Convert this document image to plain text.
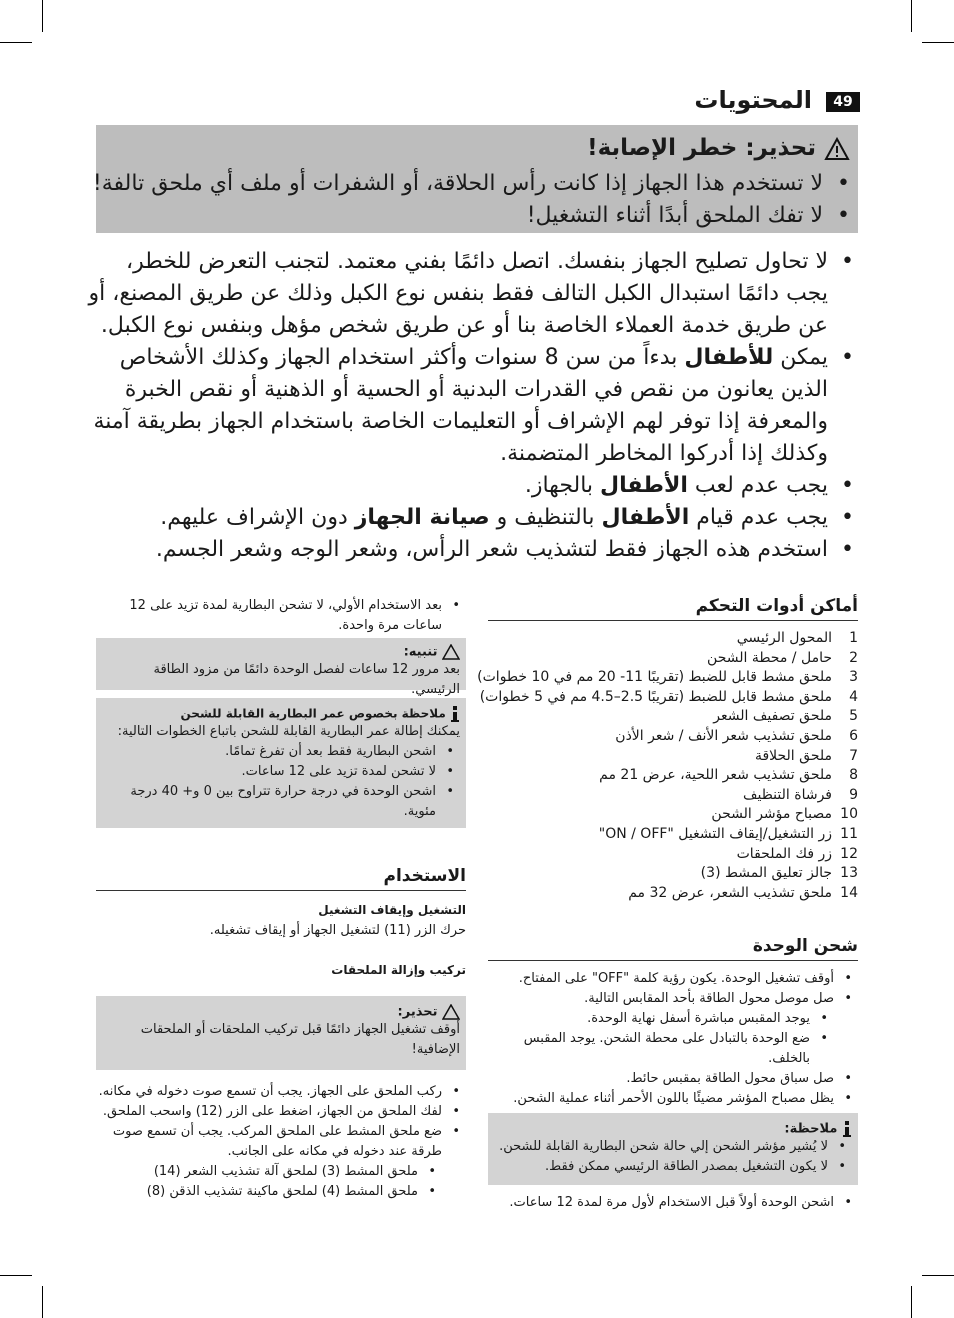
49
المحتويات
تحذير: خطر الإصابة!
•لا تستخدم هذا الجهاز إذا كانت رأس الحلاقة، أو الشفرات أو ملف أي ملحق تالفة!
•لا تفك الملحق أبدًا أثناء التشغيل!
• لا تحاول تصليح الجهاز بنفسك. اتصل دائمًا بفني معتمد. لتجنب التعرض للخطر، يجب دائمًا استبدال الكبل التالف فقط بنفس نوع الكبل وذلك عن طريق المصنع، أو عن طريق خدمة العملاء الخاصة بنا أو عن طريق شخص مؤهل وبنفس نوع الكبل.
• يمكن للأطفال بدءاً من سن 8 سنوات وأكثر استخدام الجهاز وكذلك الأشخاص الذين يعانون من نقص في القدرات البدنية أو الحسية أو الذهنية أو نقص الخبرة والمعرفة إذا توفر لهم الإشراف أو التعليمات الخاصة باستخدام الجهاز بطريقة آمنة وكذلك إذا أدركوا المخاطر المتضمنة.
• يجب عدم لعب الأطفال بالجهاز.
• يجب عدم قيام الأطفال بالتنظيف و صيانة الجهاز دون الإشراف عليهم.
• استخدم هذه الجهاز فقط لتشذيب شعر الرأس، وشعر الوجه وشعر الجسم.
أماكن أدوات التحكم
1
المحول الرئيسي
2
حامل / محطة الشحن
3
ملحق مشط قابل للضبط (تقريبًا 11- 20 مم في 10 خطوات)
4
ملحق مشط قابل للضبط (تقريبًا 2.5–4.5 مم في 5 خطوات)
5
ملحق تصفيف الشعر
6
ملحق تشذيب شعر الأنف / شعر الأذن
7
ملحق الحلاقة
8
ملحق تشذيب شعر اللحية، عرض 21 مم
9
فرشاة التنظيف
10
مصباح مؤشر الشحن
11
زر التشغيل/إيقاف التشغيل "ON / OFF"
12
زر فك الملحقات
13
جالز تعليق المشط (3)
14
ملحق تشذيب الشعر، عرض 32 مم
شحن الوحدة
• أوقف تشغيل الوحدة. يكون رؤية كلمة "OFF" على المفتاح.
• صل موصل محول الطاقة بأحد المقابس التالية.
• يوجد المقبس مباشرة أسفل نهاية الوحدة.
• ضع الوحدة بالتبادل على محطة الشحن. يوجد المقبس بالخلف.
• صل سباق محول الطاقة بمقبس حائط.
• يظل مصباح المؤشر مضيئًا باللون الأحمر أثناء عملية الشحن.
ملاحظة:
• لا يُشير مؤشر الشحن إلي حالة شحن البطارية القابلة للشحن.
• لا يكون التشغيل بمصدر الطاقة الرئيسي ممكن فقط.
• اشحن الوحدة أولاً قبل الاستخدام لأول مرة لمدة 12 ساعات.
• بعد الاستخدام الأولي، لا تشحن البطارية لمدة تزيد على 12 ساعات مرة واحدة.
تنبيه:
بعد مرور 12 ساعات لفصل الوحدة دائمًا من مزود الطاقة الرئيسي.
ملاحظة بخصوص عمر البطارية القابلة للشحن
يمكنك إطالة عمر البطارية القابلة للشحن باتباع الخطوات التالية:
• اشحن البطارية فقط بعد أن تفرغ تمامًا.
• لا تشحن لمدة تزيد على 12 ساعات.
• اشحن الوحدة في درجة حرارة تتراوح بين 0 و+ 40 درجة مئوية.
الاستخدام
التشغيل وإيقاف التشغيل
حرك الزر (11) لتشغيل الجهاز أو إيقاف تشغيله.
تركيب وإزالة الملحقات
تحذير:
أوقف تشغيل الجهاز دائمًا قبل تركيب الملحقات أو الملحقات الإضافية!
• ركب الملحق على الجهاز. يجب أن تسمع صوت دخوله في مكانه.
• لفك الملحق من الجهاز، اضغط على الزر (12) واسحب الملحق.
• ضع ملحق المشط على الملحق المركب. يجب أن تسمع صوت طرقة عند دخوله في مكانه على الجانب.
• ملحق المشط (3) لملحق آلة تشذيب الشعر (14)
• ملحق المشط (4) لملحق ماكينة تشذيب الذقن (8)
